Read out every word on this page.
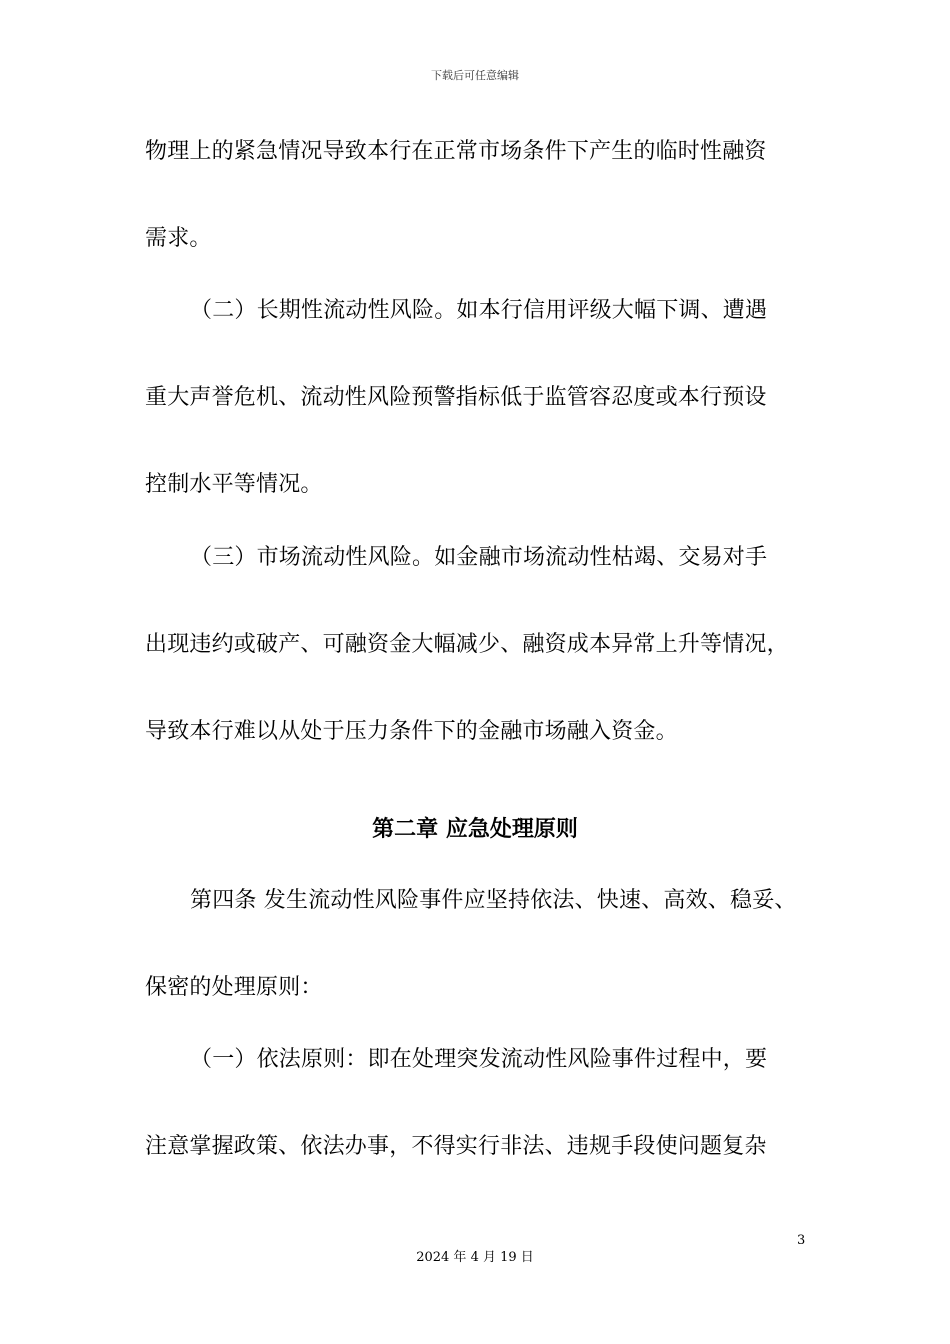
下载后可任意编辑
物理上的紧急情况导致本行在正常市场条件下产生的临时性融资
需求。
（二）长期性流动性风险。如本行信用评级大幅下调、遭遇
重大声誉危机、流动性风险预警指标低于监管容忍度或本行预设
控制水平等情况。
（三）市场流动性风险。如金融市场流动性枯竭、交易对手
出现违约或破产、可融资金大幅减少、融资成本异常上升等情况，
导致本行难以从处于压力条件下的金融市场融入资金。
第二章 应急处理原则
第四条 发生流动性风险事件应坚持依法、快速、高效、稳妥、
保密的处理原则：
（一）依法原则：即在处理突发流动性风险事件过程中，要
注意掌握政策、依法办事，不得实行非法、违规手段使问题复杂
3
2024 年 4 月 19 日
